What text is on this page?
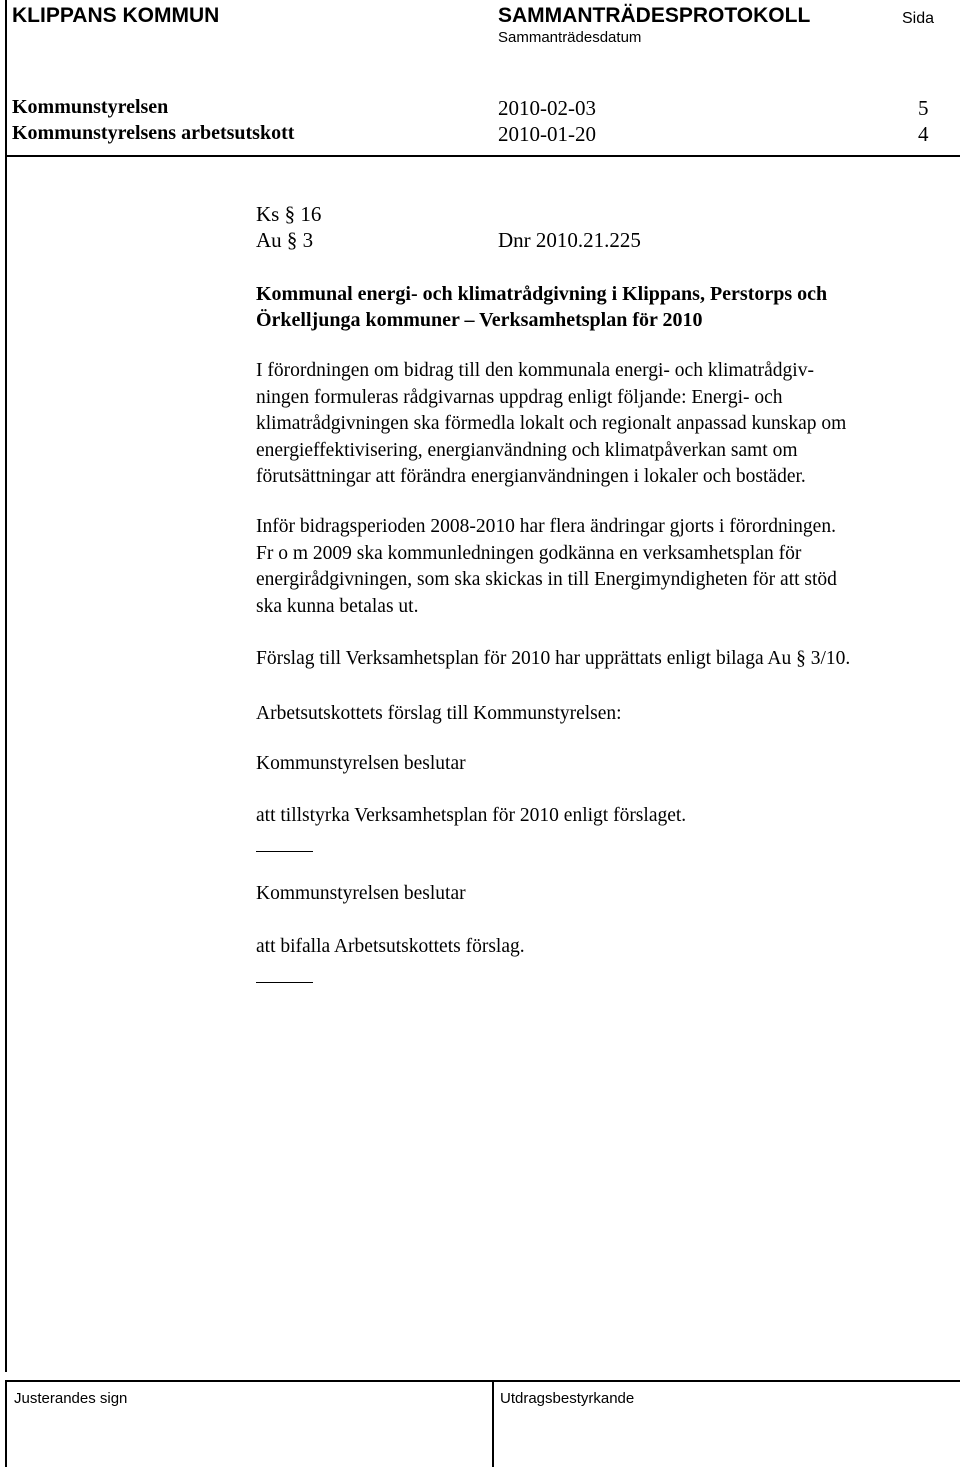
KLIPPANS KOMMUN	SAMMANTRÄDESPROTOKOLL	Sida
Sammanträdesdatum
Kommunstyrelsen	2010-02-03	5
Kommunstyrelsens arbetsutskott	2010-01-20	4
Ks § 16
Au § 3	Dnr 2010.21.225
Kommunal energi- och klimatrådgivning i Klippans, Perstorps och
Örkelljunga kommuner – Verksamhetsplan för 2010
I förordningen om bidrag till den kommunala energi- och klimatrådgiv-
ningen formuleras rådgivarnas uppdrag enligt följande: Energi- och
klimatrådgivningen ska förmedla lokalt och regionalt anpassad kunskap om
energieffektivisering, energianvändning och klimatpåverkan samt om
förutsättningar att förändra energianvändningen i lokaler och bostäder.
Inför bidragsperioden 2008-2010 har flera ändringar gjorts i förordningen.
Fr o m 2009 ska kommunledningen godkänna en verksamhetsplan för
energirådgivningen, som ska skickas in till Energimyndigheten för att stöd
ska kunna betalas ut.
Förslag till Verksamhetsplan för 2010 har upprättats enligt bilaga Au § 3/10.
Arbetsutskottets förslag till Kommunstyrelsen:
Kommunstyrelsen beslutar
att tillstyrka Verksamhetsplan för 2010 enligt förslaget.
Kommunstyrelsen beslutar
att bifalla Arbetsutskottets förslag.
Justerandes sign	Utdragsbestyrkande
